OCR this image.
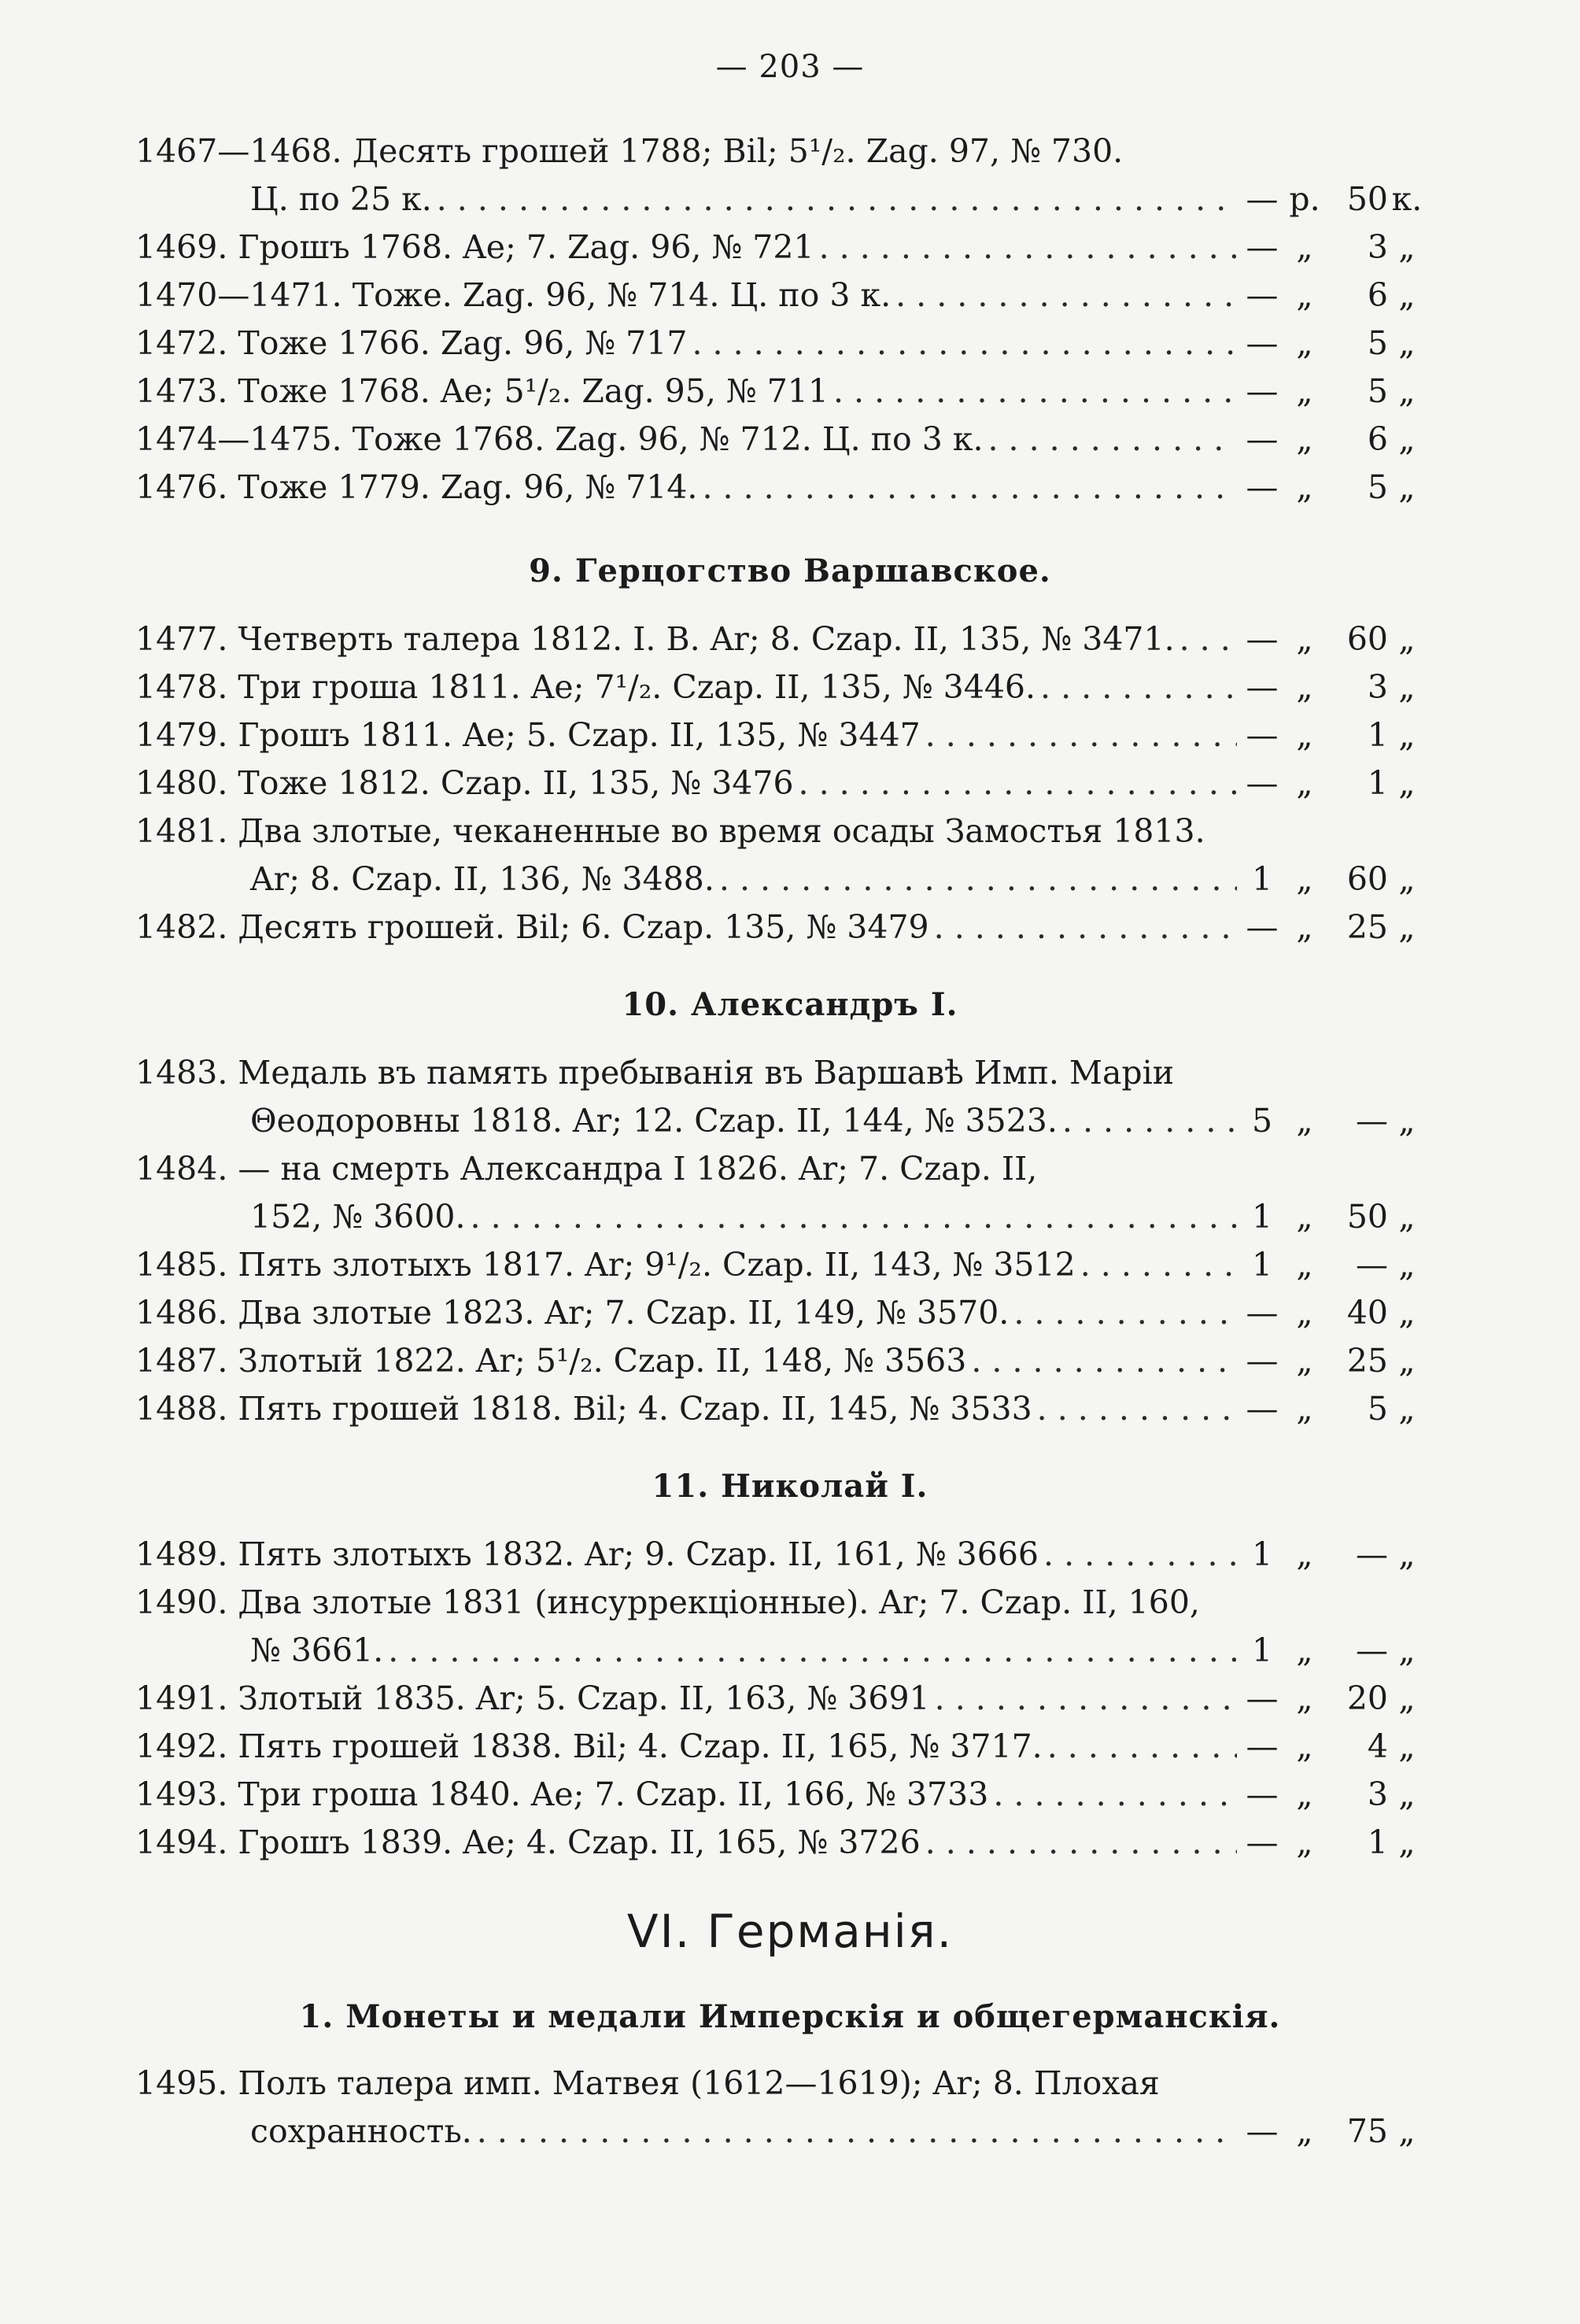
— 203 —
9. Герцогство Варшавское.
10. Александръ I.
11. Николай I.
VI. Германія.
1. Монеты и медали Имперскія и общегерманскія.
1467—1468. Десять грошей 1788; Bil; 5¹/₂. Zag. 97, № 730.
Ц. по 25 к. . . .	— р. 50 к.
1469. Грошъ 1768. Ae; 7. Zag. 96, № 721 . . .	— „	3 „
1470—1471. Тоже. Zag. 96, № 714. Ц. по 3 к. . . .	— „	6 „
1472. Тоже 1766. Zag. 96, № 717 . . .	— „	5 „
1473. Тоже 1768. Ae; 5¹/₂. Zag. 95, № 711 . . .	— „	5 „
1474—1475. Тоже 1768. Zag. 96, № 712. Ц. по 3 к. . . .	— „	6 „
1476. Тоже 1779. Zag. 96, № 714. . . .	— „	5 „
1477. Четверть талера 1812. I. B. Ar; 8. Czap. II, 135, № 3471. . . . — „	60 „
1478. Три гроша 1811. Ae; 7¹/₂. Czap. II, 135, № 3446. . . .	— „	3 „
1479. Грошъ 1811. Ae; 5. Czap. II, 135, № 3447 . . .	— „	1 „
1480. Тоже 1812. Czap. II, 135, № 3476 . . .	— „	1 „
1481. Два злотые, чеканенные во время осады Замостья 1813.
Ar; 8. Czap. II, 136, № 3488. . . .	1 „	60 „
1482. Десять грошей. Bil; 6. Czap. 135, № 3479 . . .	— „	25 „
1483. Медаль въ память пребыванія въ Варшавѣ Имп. Маріи
Θеодоровны 1818. Ar; 12. Czap. II, 144, № 3523. . . .	5 „	— „
1484. — на смерть Александра I 1826. Ar; 7. Czap. II,
152, № 3600. . . .	1 „	50 „
1485. Пять злотыхъ 1817. Ar; 9¹/₂. Czap. II, 143, № 3512 . . .	1 „	— „
1486. Два злотые 1823. Ar; 7. Czap. II, 149, № 3570. . . .	— „	40 „
1487. Злотый 1822. Ar; 5¹/₂. Czap. II, 148, № 3563 . . .	— „	25 „
1488. Пять грошей 1818. Bil; 4. Czap. II, 145, № 3533 . . .	— „	5 „
1489. Пять злотыхъ 1832. Ar; 9. Czap. II, 161, № 3666 . . .	1 „	— „
1490. Два злотые 1831 (инсуррекціонные). Ar; 7. Czap. II, 160,
№ 3661. . . .	1 „	— „
1491. Злотый 1835. Ar; 5. Czap. II, 163, № 3691 . . .	— „	20 „
1492. Пять грошей 1838. Bil; 4. Czap. II, 165, № 3717. . . .	— „	4 „
1493. Три гроша 1840. Ae; 7. Czap. II, 166, № 3733 . . .	— „	3 „
1494. Грошъ 1839. Ae; 4. Czap. II, 165, № 3726 . . .	— „	1 „
1495. Полъ талера имп. Матвея (1612—1619); Ar; 8. Плохая
сохранность. . . .	— „	75 „
